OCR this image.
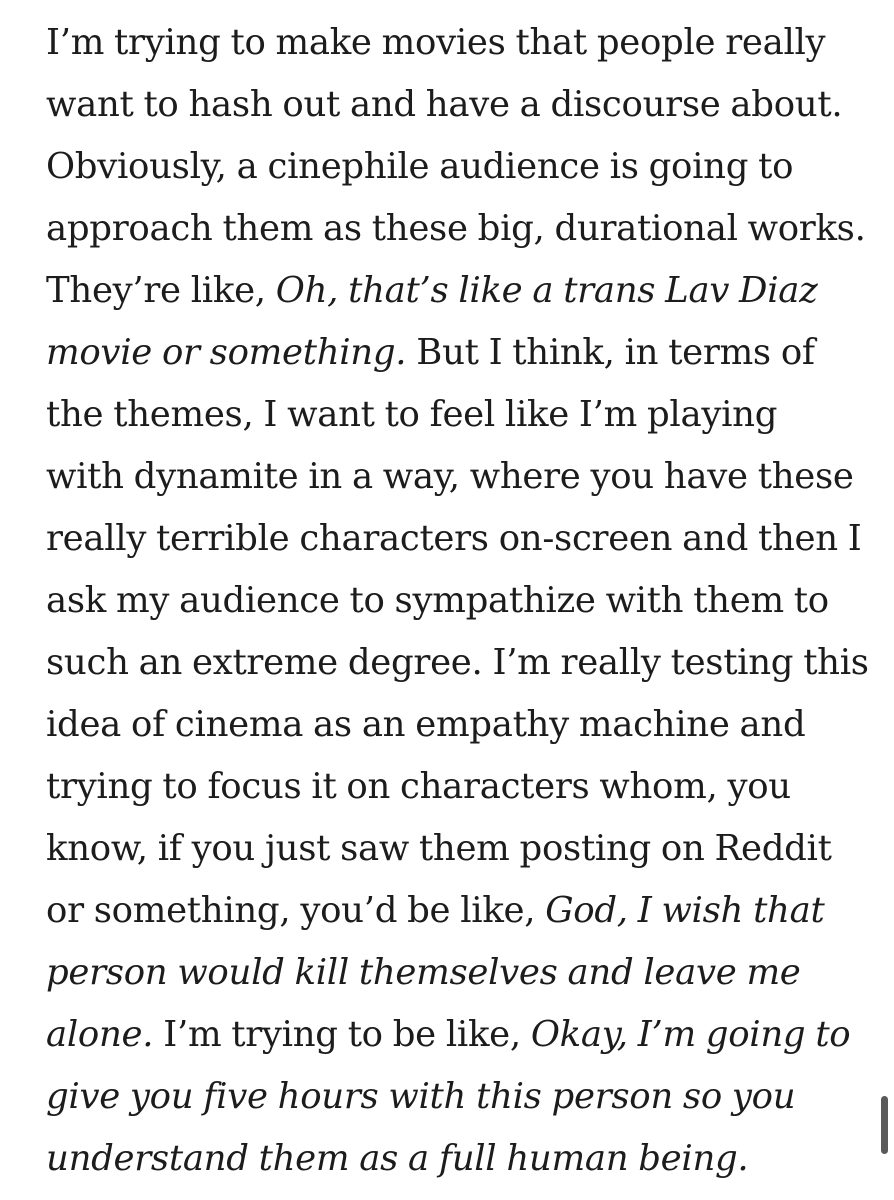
I’m trying to make movies that people really
want to hash out and have a discourse about.
Obviously, a cinephile audience is going to
approach them as these big, durational works.
They’re like, Oh, that’s like a trans Lav Diaz
movie or something. But I think, in terms of
the themes, I want to feel like I’m playing
with dynamite in a way, where you have these
really terrible characters on-screen and then I
ask my audience to sympathize with them to
such an extreme degree. I’m really testing this
idea of cinema as an empathy machine and
trying to focus it on characters whom, you
know, if you just saw them posting on Reddit
or something, you’d be like, God, I wish that
person would kill themselves and leave me
alone. I’m trying to be like, Okay, I’m going to
give you five hours with this person so you
understand them as a full human being.
